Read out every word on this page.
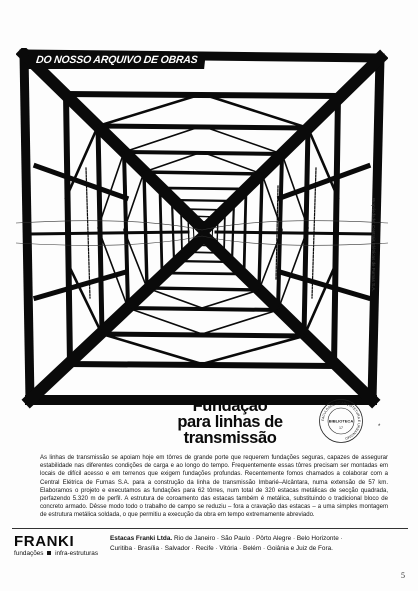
DO NOSSO ARQUIVO DE OBRAS
Propriedade: Centrais Elétricas de Furnas S.A.
Fundação
para linhas de
transmissão
FACULDADE DE ARQUITETURA E URBANISMO
BIBLIOTECA
17	*

As linhas de transmissão se apoiam hoje em tôrres de grande porte que requerem fundações seguras, capazes de assegurar estabilidade nas diferentes condições de carga e ao longo do tempo. Frequentemente essas tôrres precisam ser montadas em locais de difícil acesso e em terrenos que exigem fundações profundas. Recentemente fomos chamados a colaborar com a Central Elétrica de Furnas S.A. para a construção da linha de transmissão Imbarié–Alcântara, numa extensão de 57 km. Elaboramos o projeto e executamos as fundações para 62 tôrres, num total de 320 estacas metálicas de secção quadrada, perfazendo 5.320 m de perfil. A estrutura de coroamento das estacas também é metálica, substituindo o tradicional bloco de concreto armado. Dêsse modo todo o trabalho de campo se reduziu – fora a cravação das estacas – a uma simples montagem de estrutura metálica soldada, o que permitiu a execução da obra em tempo extremamente abreviado.

FRANKI
fundações infra-estruturas
Estacas Franki Ltda. Rio de Janeiro · São Paulo · Pôrto Alegre · Belo Horizonte ·
Curitiba · Brasília · Salvador · Recife · Vitória · Belém · Goiânia e Juiz de Fora.
5
